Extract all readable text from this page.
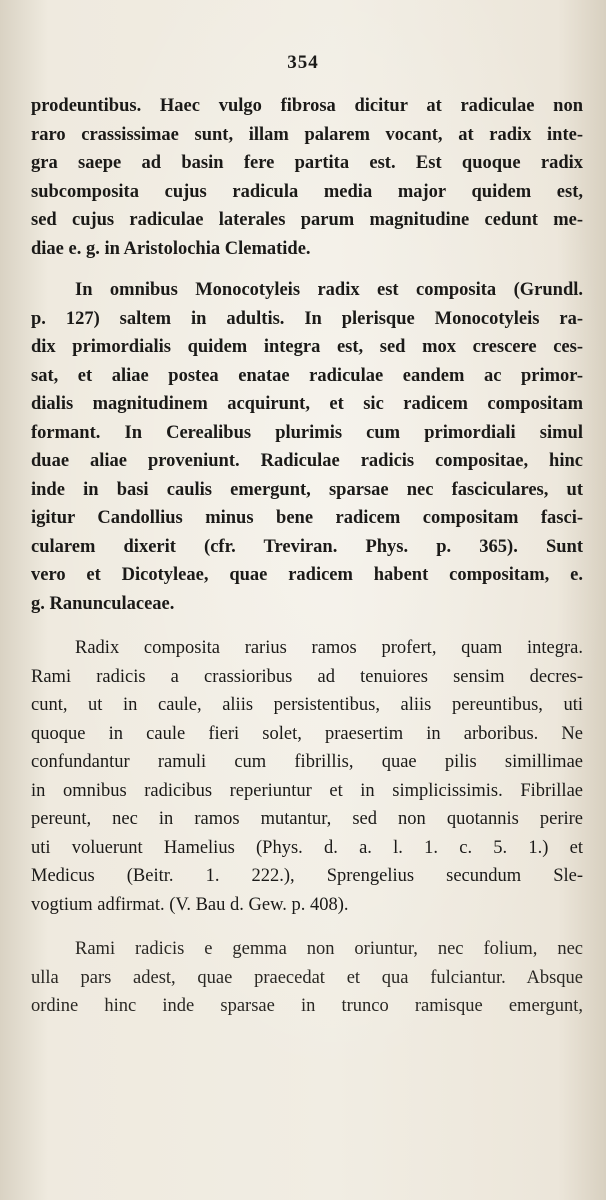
354
prodeuntibus. Haec vulgo fibrosa dicitur at radiculae non
raro crassissimae sunt, illam palarem vocant, at radix inte-
gra saepe ad basin fere partita est. Est quoque radix
subcomposita cujus radicula media major quidem est,
sed cujus radiculae laterales parum magnitudine cedunt me-
diae e. g. in Aristolochia Clematide.
In omnibus Monocotyleis radix est composita (Grundl.
p. 127) saltem in adultis. In plerisque Monocotyleis ra-
dix primordialis quidem integra est, sed mox crescere ces-
sat, et aliae postea enatae radiculae eandem ac primor-
dialis magnitudinem acquirunt, et sic radicem compositam
formant. In Cerealibus plurimis cum primordiali simul
duae aliae proveniunt. Radiculae radicis compositae, hinc
inde in basi caulis emergunt, sparsae nec fasciculares, ut
igitur Candollius minus bene radicem compositam fasci-
cularem dixerit (cfr. Treviran. Phys. p. 365). Sunt
vero et Dicotyleae, quae radicem habent compositam, e.
g. Ranunculaceae.
Radix composita rarius ramos profert, quam integra.
Rami radicis a crassioribus ad tenuiores sensim decres-
cunt, ut in caule, aliis persistentibus, aliis pereuntibus, uti
quoque in caule fieri solet, praesertim in arboribus. Ne
confundantur ramuli cum fibrillis, quae pilis simillimae
in omnibus radicibus reperiuntur et in simplicissimis. Fibrillae
pereunt, nec in ramos mutantur, sed non quotannis perire
uti voluerunt Hamelius (Phys. d. a. l. 1. c. 5. 1.) et
Medicus (Beitr. 1. 222.), Sprengelius secundum Sle-
vogtium adfirmat. (V. Bau d. Gew. p. 408).
Rami radicis e gemma non oriuntur, nec folium, nec
ulla pars adest, quae praecedat et qua fulciantur. Absque
ordine hinc inde sparsae in trunco ramisque emergunt,
